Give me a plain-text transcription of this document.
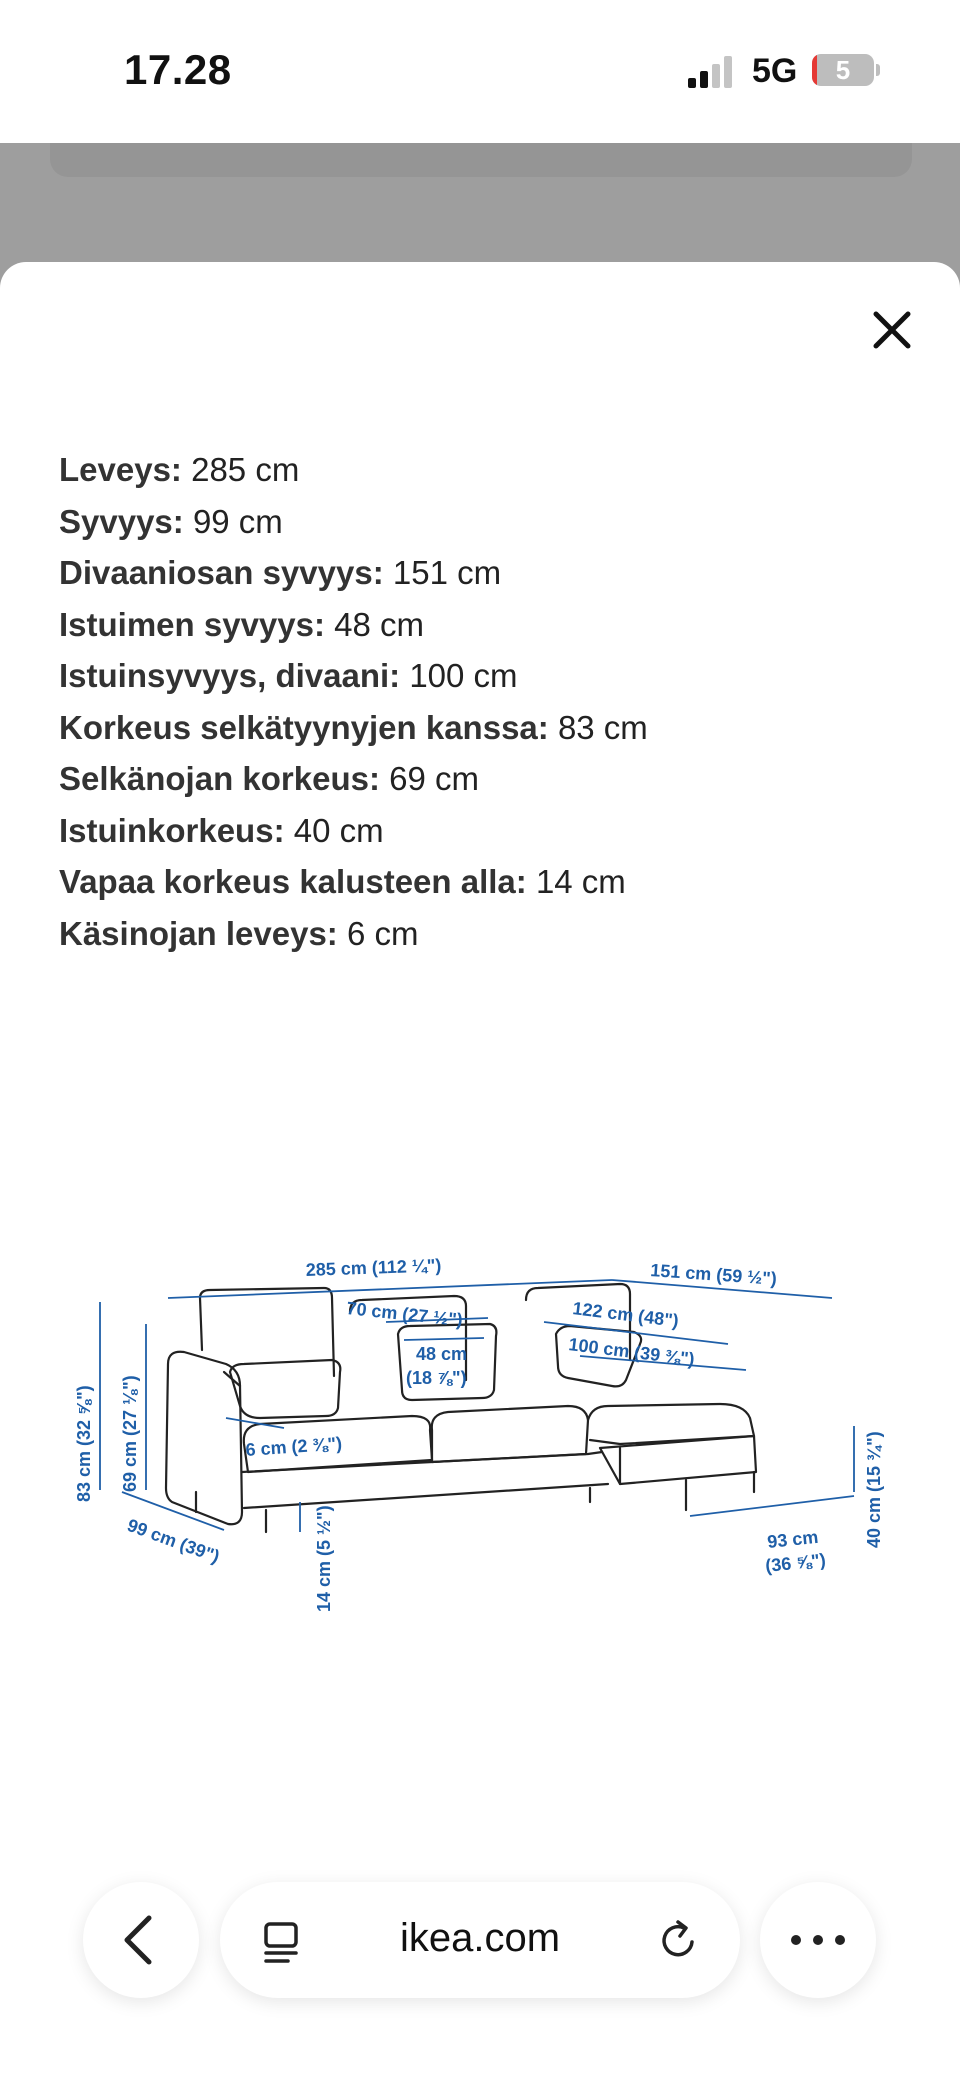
17.28	5G	5
Leveys: 285 cm
Syvyys: 99 cm
Divaaniosan syvyys: 151 cm
Istuimen syvyys: 48 cm
Istuinsyvyys, divaani: 100 cm
Korkeus selkätyynyjen kanssa: 83 cm
Selkänojan korkeus: 69 cm
Istuinkorkeus: 40 cm
Vapaa korkeus kalusteen alla: 14 cm
Käsinojan leveys: 6 cm
285 cm (112 ¼")	151 cm (59 ½")
70 cm (27 ½")	122 cm (48")
48 cm
(18 ⅞")
100 cm (39 ⅜")
83 cm (32 ⅝") 69 cm (27 ⅛")	6 cm (2 ⅜")
99 cm (39")	14 cm (5 ½")
40 cm (15 ¾")
93 cm
(36 ⅝")
ikea.com
